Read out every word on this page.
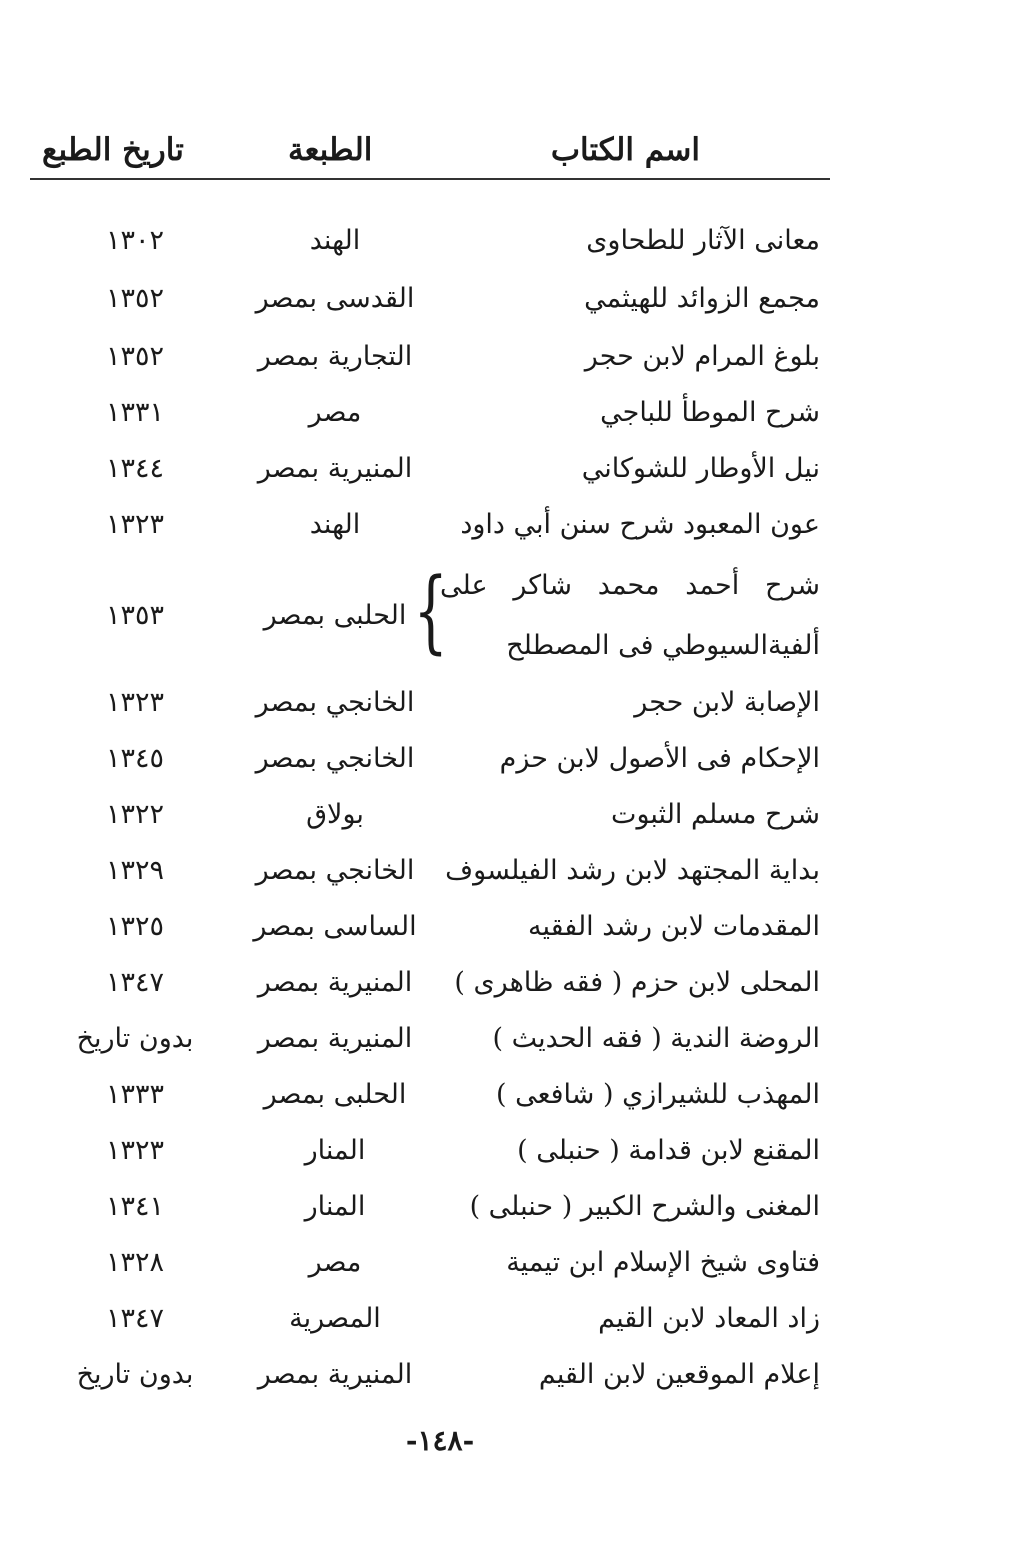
اسم الكتاب
الطبعة
تاريخ الطبع
معانى الآثار للطحاوى
الهند
١٣٠٢
مجمع الزوائد للهيثمي
القدسى بمصر
١٣٥٢
بلوغ المرام لابن حجر
التجارية بمصر
١٣٥٢
شرح الموطأ للباجي
مصر
١٣٣١
نيل الأوطار للشوكاني
المنيرية بمصر
١٣٤٤
عون المعبود شرح سنن أبي داود
الهند
١٣٢٣
شرح أحمد محمد شاكر على ألفيةالسيوطي فى المصطلح
{
الحلبى بمصر
١٣٥٣
الإصابة لابن حجر
الخانجي بمصر
١٣٢٣
الإحكام فى الأصول لابن حزم
الخانجي بمصر
١٣٤٥
شرح مسلم الثبوت
بولاق
١٣٢٢
بداية المجتهد لابن رشد الفيلسوف
الخانجي بمصر
١٣٢٩
المقدمات لابن رشد الفقيه
الساسى بمصر
١٣٢٥
المحلى لابن حزم ( فقه ظاهرى )
المنيرية بمصر
١٣٤٧
الروضة الندية ( فقه الحديث )
المنيرية بمصر
بدون تاريخ
المهذب للشيرازي ( شافعى )
الحلبى بمصر
١٣٣٣
المقنع لابن قدامة ( حنبلى )
المنار
١٣٢٣
المغنى والشرح الكبير ( حنبلى )
المنار
١٣٤١
فتاوى شيخ الإسلام ابن تيمية
مصر
١٣٢٨
زاد المعاد لابن القيم
المصرية
١٣٤٧
إعلام الموقعين لابن القيم
المنيرية بمصر
بدون تاريخ
-١٤٨-
